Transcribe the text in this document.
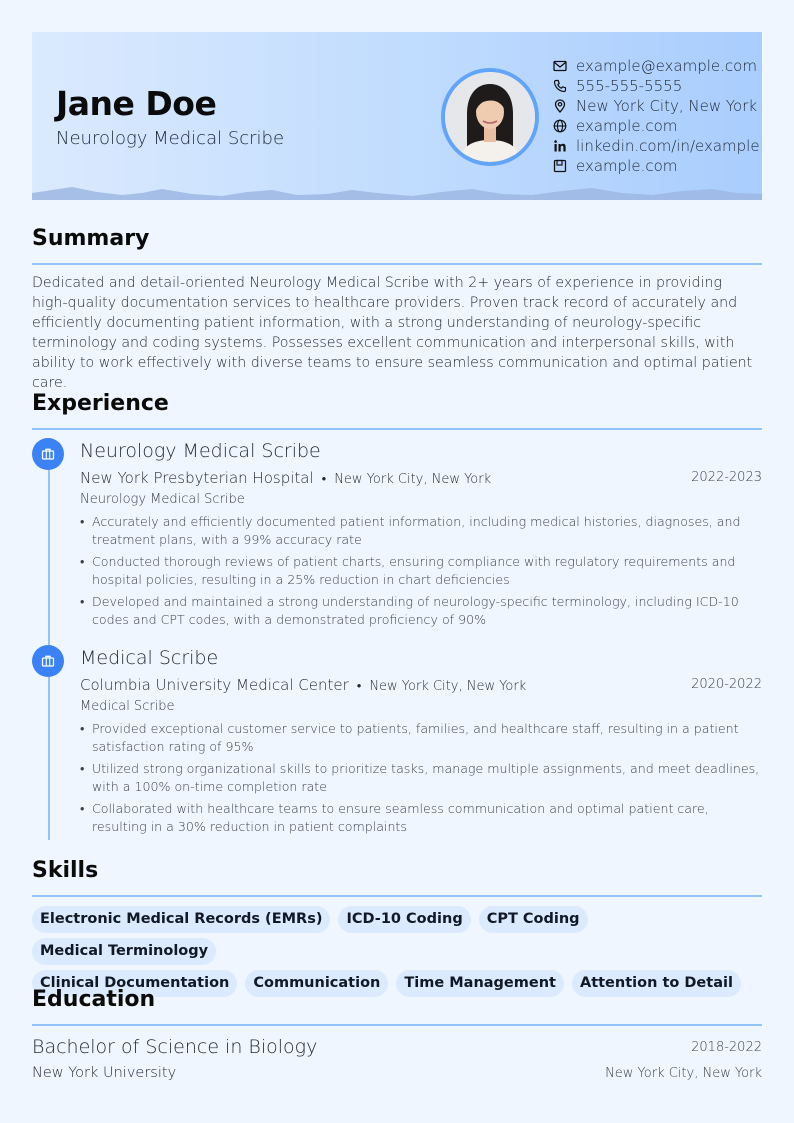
Jane Doe
Neurology Medical Scribe
example@example.com
555-555-5555
New York City, New York
example.com
linkedin.com/in/example
example.com
Summary
Dedicated and detail-oriented Neurology Medical Scribe with 2+ years of experience in providing high-quality documentation services to healthcare providers. Proven track record of accurately and efficiently documenting patient information, with a strong understanding of neurology-specific terminology and coding systems. Possesses excellent communication and interpersonal skills, with ability to work effectively with diverse teams to ensure seamless communication and optimal patient care.
Experience
Neurology Medical Scribe
New York Presbyterian Hospital • New York City, New York	2022-2023
Neurology Medical Scribe
• Accurately and efficiently documented patient information, including medical histories, diagnoses, and treatment plans, with a 99% accuracy rate
• Conducted thorough reviews of patient charts, ensuring compliance with regulatory requirements and hospital policies, resulting in a 25% reduction in chart deficiencies
• Developed and maintained a strong understanding of neurology-specific terminology, including ICD-10 codes and CPT codes, with a demonstrated proficiency of 90%
Medical Scribe
Columbia University Medical Center • New York City, New York	2020-2022
Medical Scribe
• Provided exceptional customer service to patients, families, and healthcare staff, resulting in a patient satisfaction rating of 95%
• Utilized strong organizational skills to prioritize tasks, manage multiple assignments, and meet deadlines, with a 100% on-time completion rate
• Collaborated with healthcare teams to ensure seamless communication and optimal patient care, resulting in a 30% reduction in patient complaints
Skills
Electronic Medical Records (EMRs) ICD-10 Coding CPT CodingMedical Terminology
Clinical Documentation Communication Time Management Attention to Detail
Education
Bachelor of Science in Biology	2018-2022
New York University	New York City, New York
